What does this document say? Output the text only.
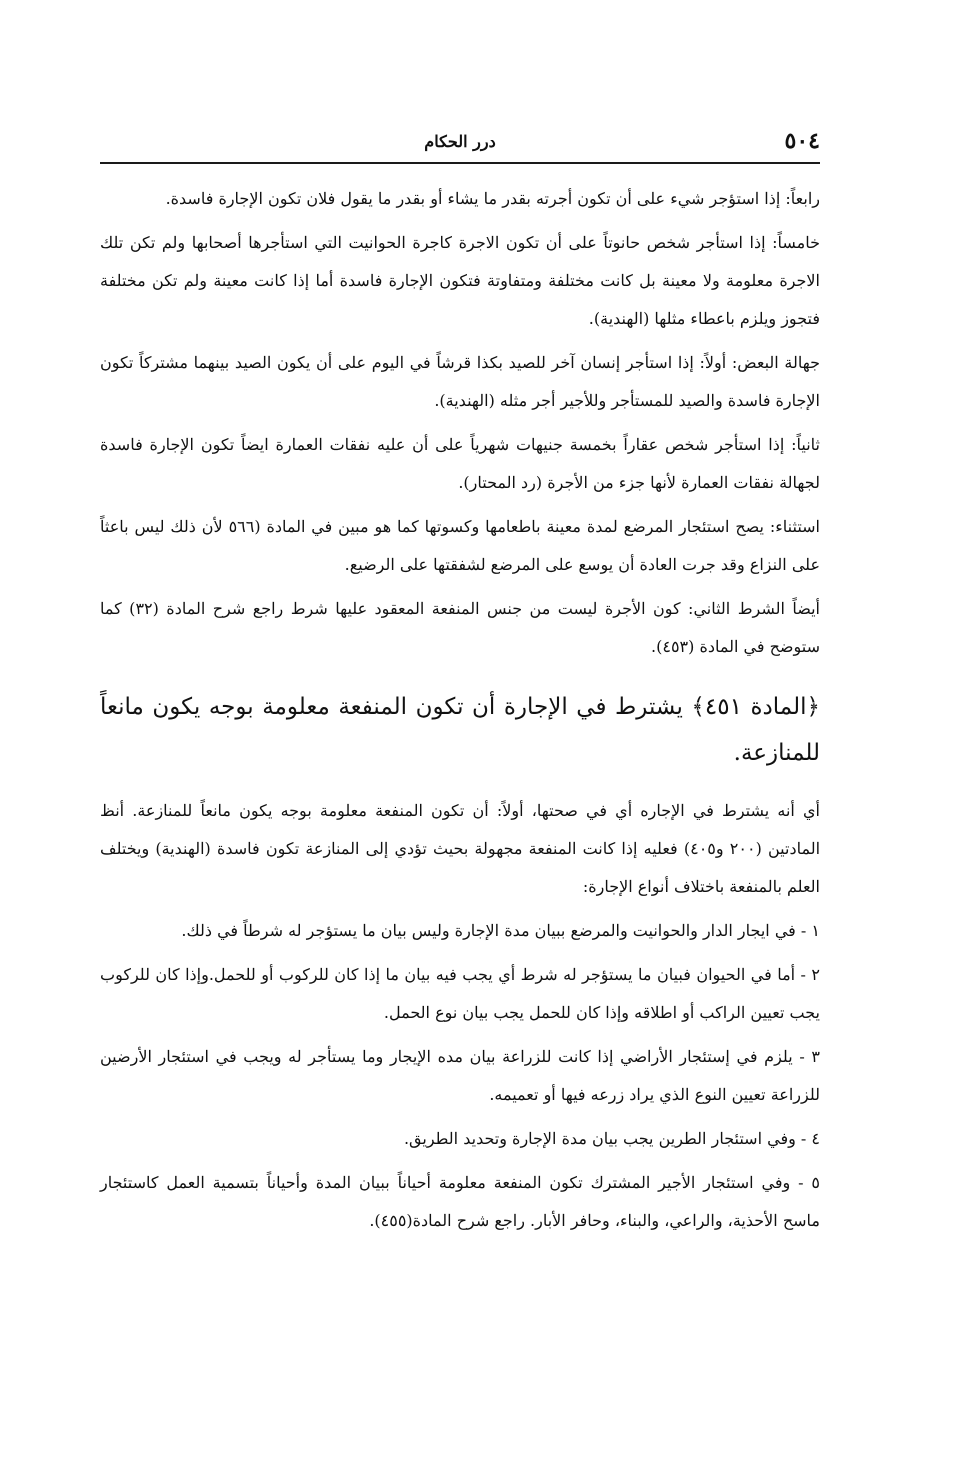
٥٠٤
درر الحكام

رابعاً: إذا استؤجر شيء على أن تكون أجرته بقدر ما يشاء أو بقدر ما يقول فلان تكون الإجارة فاسدة.

خامساً: إذا استأجر شخص حانوتاً على أن تكون الاجرة كاجرة الحوانيت التي استأجرها أصحابها ولم تكن تلك الاجرة معلومة ولا معينة بل كانت مختلفة ومتفاوتة فتكون الإجارة فاسدة أما إذا كانت معينة ولم تكن مختلفة فتجوز ويلزم باعطاء مثلها (الهندية).

جهالة البعض: أولاً: إذا استأجر إنسان آخر للصيد بكذا قرشاً في اليوم على أن يكون الصيد بينهما مشتركاً تكون الإجارة فاسدة والصيد للمستأجر وللأجير أجر مثله (الهندية).

ثانياً: إذا استأجر شخص عقاراً بخمسة جنيهات شهرياً على أن عليه نفقات العمارة ايضاً تكون الإجارة فاسدة لجهالة نفقات العمارة لأنها جزء من الأجرة (رد المحتار).

استثناء: يصح استئجار المرضع لمدة معينة باطعامها وكسوتها كما هو مبين في المادة (٥٦٦ لأن ذلك ليس باعثاً على النزاع وقد جرت العادة أن يوسع على المرضع لشفقتها على الرضيع.

أيضاً الشرط الثاني: كون الأجرة ليست من جنس المنفعة المعقود عليها شرط راجع شرح المادة (٣٢) كما ستوضح في المادة (٤٥٣).

﴿المادة ٤٥١﴾ يشترط في الإجارة أن تكون المنفعة معلومة بوجه يكون مانعاً للمنازعة.

أي أنه يشترط في الإجاره أي في صحتها، أولاً: أن تكون المنفعة معلومة بوجه يكون مانعاً للمنازعة. أنظ المادتين (٢٠٠ و٤٠٥) فعليه إذا كانت المنفعة مجهولة بحيث تؤدي إلى المنازعة تكون فاسدة (الهندية) ويختلف العلم بالمنفعة باختلاف أنواع الإجارة:

١ - في ايجار الدار والحوانيت والمرضع ببيان مدة الإجارة وليس بيان ما يستؤجر له شرطاً في ذلك.

٢ - أما في الحيوان فبيان ما يستؤجر له شرط أي يجب فيه بيان ما إذا كان للركوب أو للحمل.وإذا كان للركوب يجب تعيين الراكب أو اطلاقه وإذا كان للحمل يجب بيان نوع الحمل.

٣ - يلزم في إستئجار الأراضي إذا كانت للزراعة بيان مده الإيجار وما يستأجر له ويجب في استئجار الأرضين للزراعة تعيين النوع الذي يراد زرعه فيها أو تعميمه.

٤ - وفي استئجار الطرين يجب بيان مدة الإجارة وتحديد الطريق.

٥ - وفي استئجار الأجير المشترك تكون المنفعة معلومة أحياناً ببيان المدة وأحياناً بتسمية العمل كاستئجار ماسح الأحذية، والراعي، والبناء، وحافر الأبار. راجع شرح المادة(٤٥٥).
